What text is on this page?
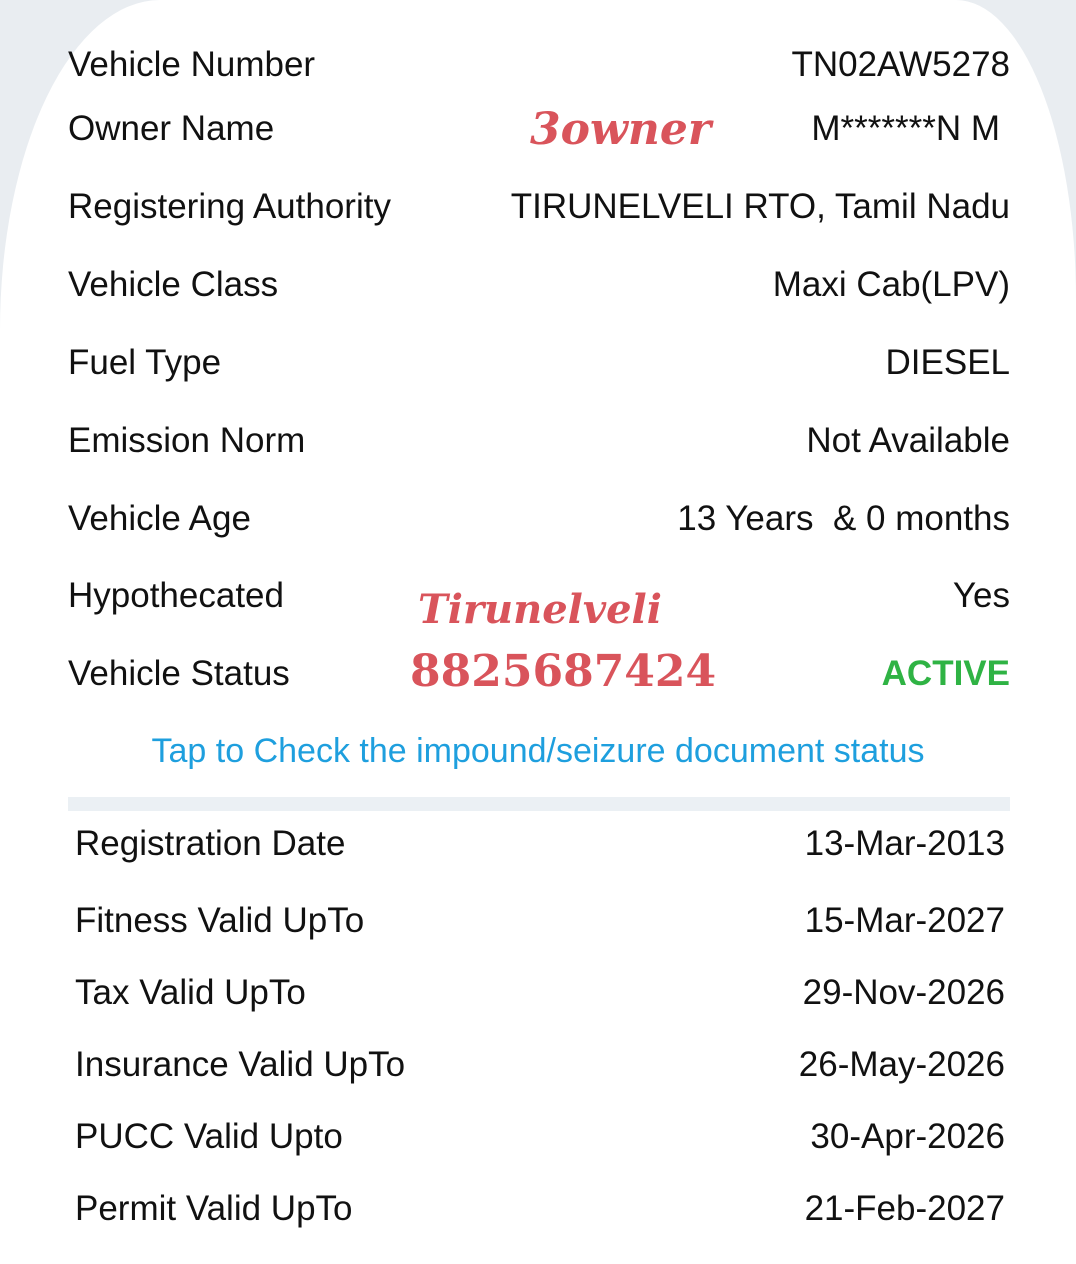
Vehicle Number	TN02AW5278
Owner Name	M*******N M
Registering Authority	TIRUNELVELI RTO, Tamil Nadu
Vehicle Class	Maxi Cab(LPV)
Fuel Type	DIESEL
Emission Norm	Not Available
Vehicle Age	13 Years  & 0 months
Hypothecated	Yes
Vehicle Status	ACTIVE
3owner
Tirunelveli
8825687424
Tap to Check the impound/seizure document status
Registration Date	13-Mar-2013
Fitness Valid UpTo	15-Mar-2027
Tax Valid UpTo	29-Nov-2026
Insurance Valid UpTo	26-May-2026
PUCC Valid Upto	30-Apr-2026
Permit Valid UpTo	21-Feb-2027
